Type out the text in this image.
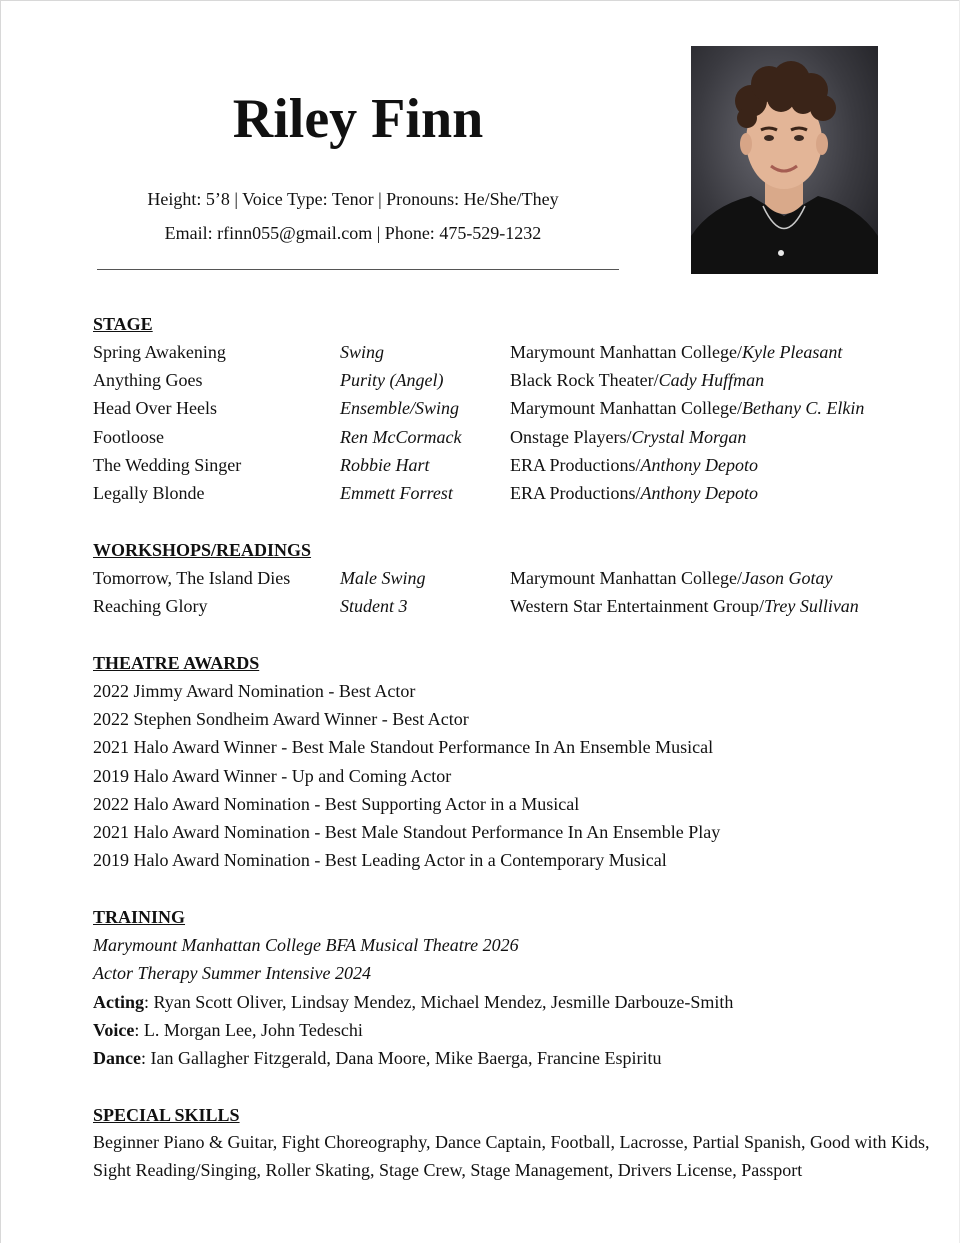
Riley Finn
Height: 5’8 | Voice Type: Tenor | Pronouns: He/She/They
Email: rfinn055@gmail.com | Phone: 475-529-1232
STAGE
Spring Awakening	Swing	Marymount Manhattan College/Kyle Pleasant
Anything Goes	Purity (Angel)	Black Rock Theater/Cady Huffman
Head Over Heels	Ensemble/Swing	Marymount Manhattan College/Bethany C. Elkin
Footloose	Ren McCormack	Onstage Players/Crystal Morgan
The Wedding Singer	Robbie Hart	ERA Productions/Anthony Depoto
Legally Blonde	Emmett Forrest	ERA Productions/Anthony Depoto
WORKSHOPS/READINGS
Tomorrow, The Island Dies	Male Swing	Marymount Manhattan College/Jason Gotay
Reaching Glory	Student 3	Western Star Entertainment Group/Trey Sullivan
THEATRE AWARDS
2022 Jimmy Award Nomination - Best Actor
2022 Stephen Sondheim Award Winner - Best Actor
2021 Halo Award Winner - Best Male Standout Performance In An Ensemble Musical
2019 Halo Award Winner - Up and Coming Actor
2022 Halo Award Nomination - Best Supporting Actor in a Musical
2021 Halo Award Nomination - Best Male Standout Performance In An Ensemble Play
2019 Halo Award Nomination - Best Leading Actor in a Contemporary Musical
TRAINING
Marymount Manhattan College BFA Musical Theatre 2026
Actor Therapy Summer Intensive 2024
Acting: Ryan Scott Oliver, Lindsay Mendez, Michael Mendez, Jesmille Darbouze-Smith
Voice: L. Morgan Lee, John Tedeschi
Dance: Ian Gallagher Fitzgerald, Dana Moore, Mike Baerga, Francine Espiritu
SPECIAL SKILLS
Beginner Piano & Guitar, Fight Choreography, Dance Captain, Football, Lacrosse, Partial Spanish, Good with Kids, Sight Reading/Singing, Roller Skating, Stage Crew, Stage Management, Drivers License, Passport
